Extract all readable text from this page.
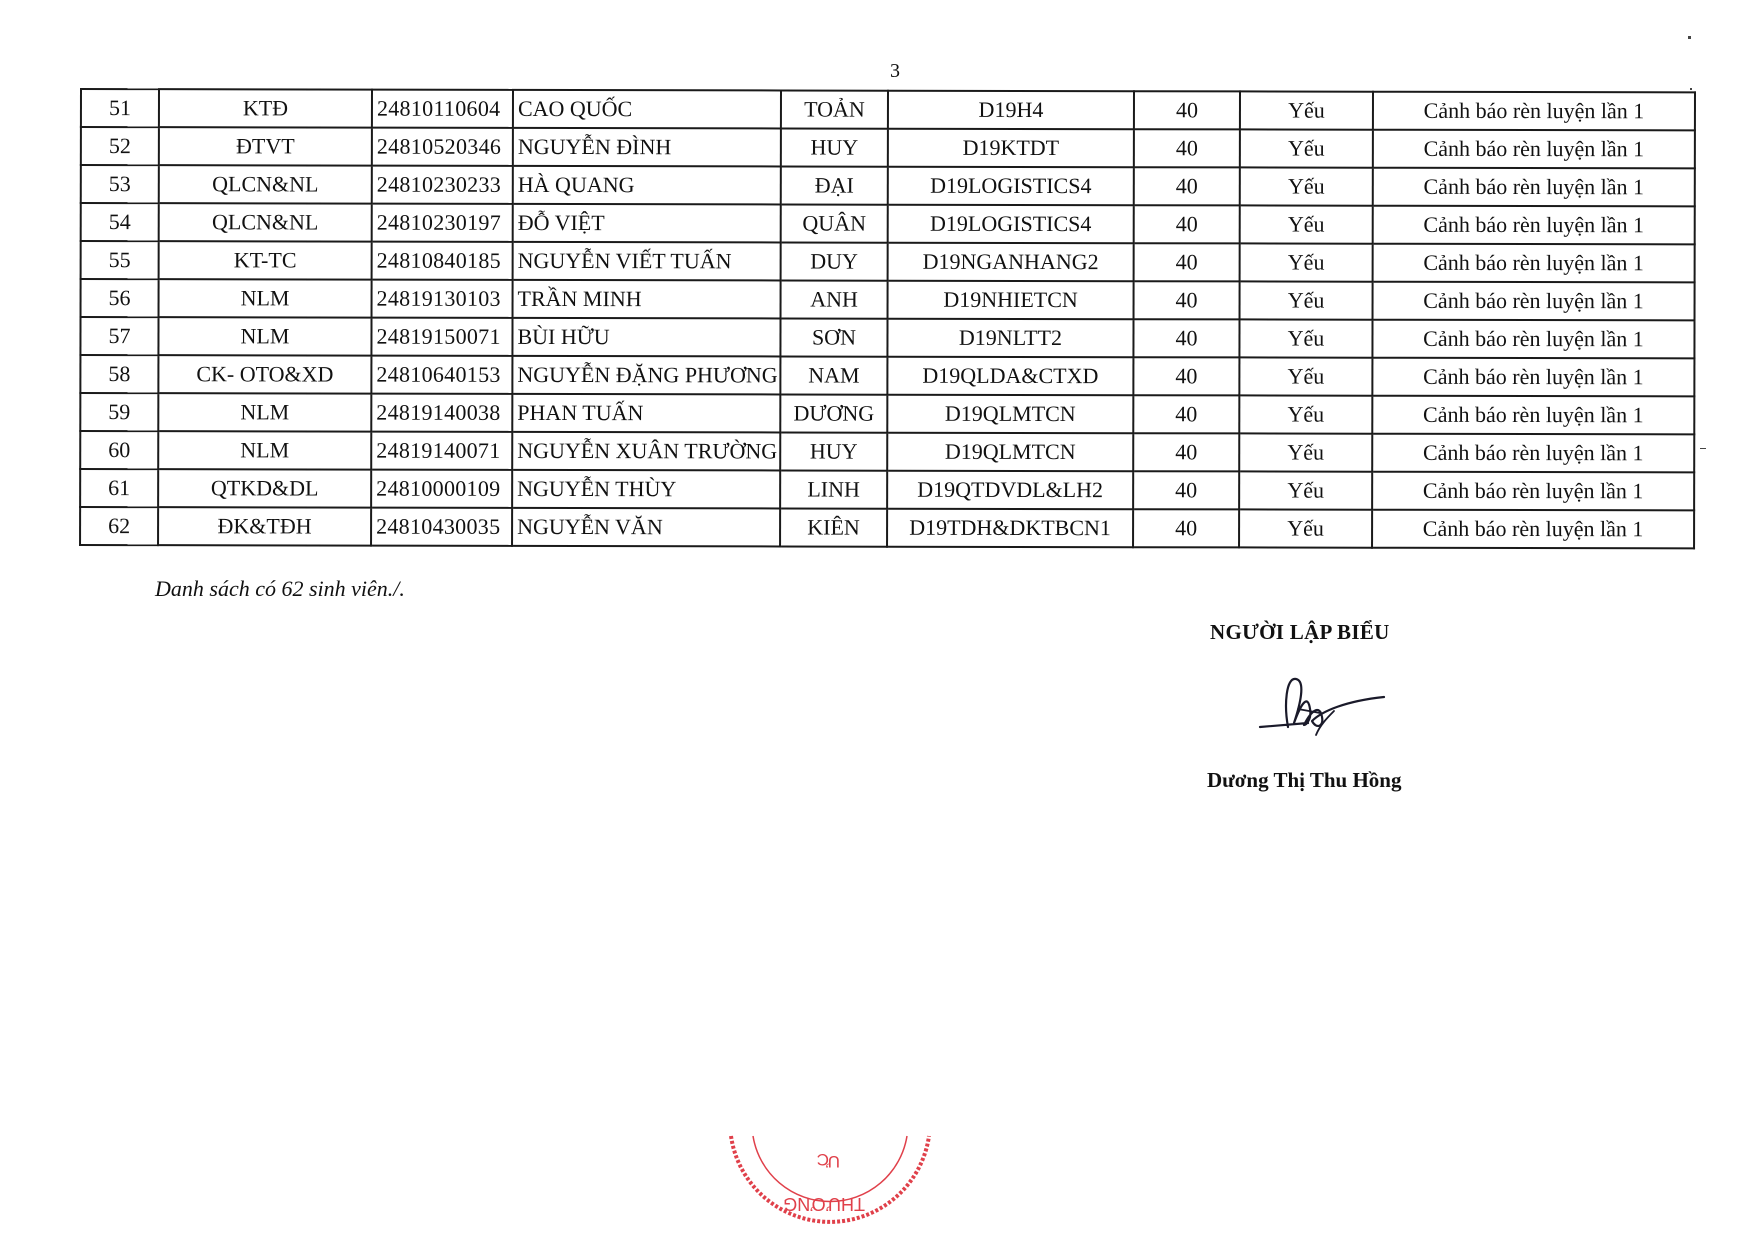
3
51	KTĐ	24810110604	CAO QUỐC	TOẢN	D19H4	40	Yếu	Cảnh báo rèn luyện lần 1
52	ĐTVT	24810520346	NGUYỄN ĐÌNH	HUY	D19KTDT	40	Yếu	Cảnh báo rèn luyện lần 1
53	QLCN&NL	24810230233	HÀ QUANG	ĐẠI	D19LOGISTICS4	40	Yếu	Cảnh báo rèn luyện lần 1
54	QLCN&NL	24810230197	ĐỖ VIỆT	QUÂN	D19LOGISTICS4	40	Yếu	Cảnh báo rèn luyện lần 1
55	KT-TC	24810840185	NGUYỄN VIẾT TUẤN	DUY	D19NGANHANG2	40	Yếu	Cảnh báo rèn luyện lần 1
56	NLM	24819130103	TRẦN MINH	ANH	D19NHIETCN	40	Yếu	Cảnh báo rèn luyện lần 1
57	NLM	24819150071	BÙI HỮU	SƠN	D19NLTT2	40	Yếu	Cảnh báo rèn luyện lần 1
58	CK- OTO&XD	24810640153	NGUYỄN ĐẶNG PHƯƠNG	NAM	D19QLDA&CTXD	40	Yếu	Cảnh báo rèn luyện lần 1
59	NLM	24819140038	PHAN TUẤN	DƯƠNG	D19QLMTCN	40	Yếu	Cảnh báo rèn luyện lần 1
60	NLM	24819140071	NGUYỄN XUÂN TRƯỜNG	HUY	D19QLMTCN	40	Yếu	Cảnh báo rèn luyện lần 1
61	QTKD&DL	24810000109	NGUYỄN THÙY	LINH	D19QTDVDL&LH2	40	Yếu	Cảnh báo rèn luyện lần 1
62	ĐK&TĐH	24810430035	NGUYỄN VĂN	KIÊN	D19TDH&DKTBCN1	40	Yếu	Cảnh báo rèn luyện lần 1
Danh sách có 62 sinh viên./.
NGƯỜI LẬP BIỂU
Dương Thị Thu Hồng
C
Ư
THƯƠNG
